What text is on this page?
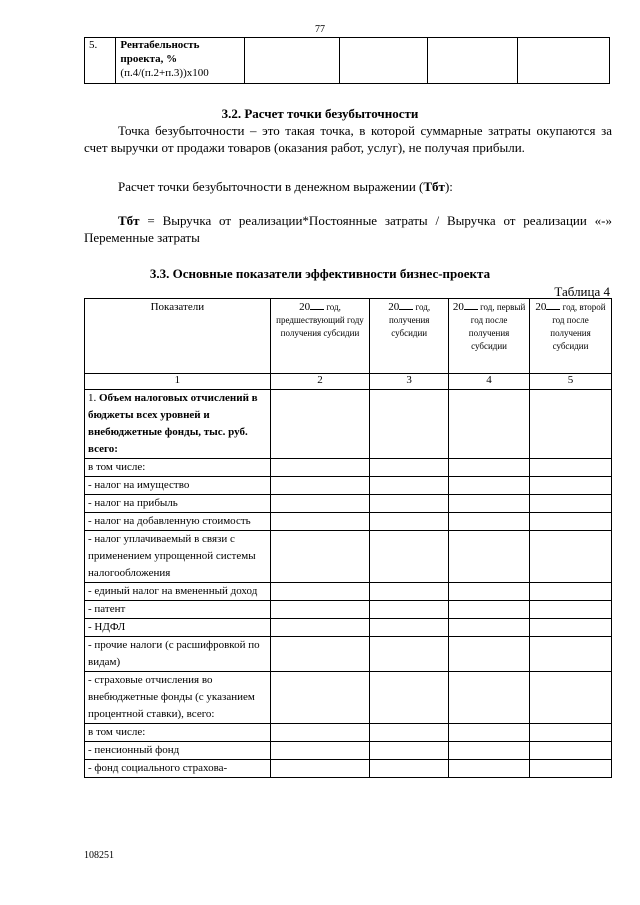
77
5.	Рентабельность проекта, %
(п.4/(п.2+п.3))х100				
3.2. Расчет точки безубыточности
Точка безубыточности – это такая точка, в которой суммарные затраты окупаются за счет выручки от продажи товаров (оказания работ, услуг), не получая прибыли.
Расчет точки безубыточности в денежном выражении (Тбт):
Тбт = Выручка от реализации*Постоянные затраты / Выручка от реализации «-» Переменные затраты
3.3. Основные показатели эффективности бизнес-проекта
Таблица 4
Показатели	20 год, предшествующий году получения субсидии	20 год, получения субсидии	20 год, первый год после получения субсидии	20 год, второй год после получения субсидии
1	2	3	4	5
1. Объем налоговых отчислений в бюджеты всех уровней и внебюджетные фонды, тыс. руб. всего:				
в том числе:				
- налог на имущество				
- налог на прибыль				
- налог на добавленную стоимость				
- налог уплачиваемый в связи с применением упрощенной системы налогообложения				
- единый налог на вмененный доход				
- патент				
- НДФЛ				
- прочие налоги (с расшифровкой по видам)				
- страховые отчисления во внебюджетные фонды (с указанием процентной ставки), всего:				
в том числе:				
- пенсионный фонд				
- фонд социального страхова-				
108251
